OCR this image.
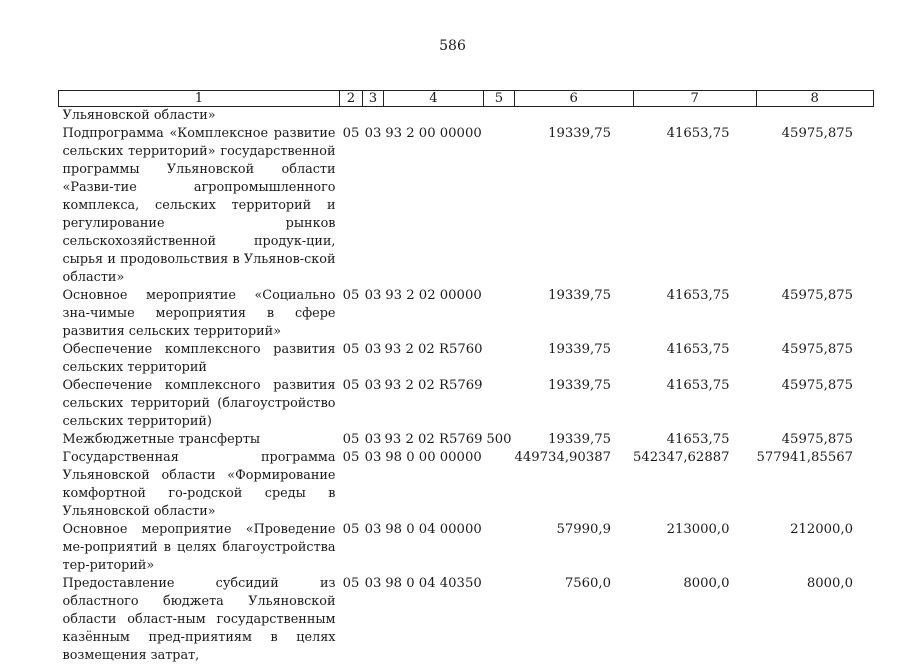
586
1	2	3	4	5	6	7	8
Ульяновской области»							
Подпрограмма «Комплексное развитие сельских территорий» государственной программы Ульяновской области «Разви-тие агропромышленного комплекса, сельских территорий и регулирование рынков сельскохозяйственной продук-ции, сырья и продовольствия в Ульянов-ской области»	05	03	93 2 00 00000		19339,75	41653,75	45975,875
Основное мероприятие «Социально зна-чимые мероприятия в сфере развития сельских территорий»	05	03	93 2 02 00000		19339,75	41653,75	45975,875
Обеспечение комплексного развития сельских территорий	05	03	93 2 02 R5760		19339,75	41653,75	45975,875
Обеспечение комплексного развития сельских территорий (благоустройство сельских территорий)	05	03	93 2 02 R5769		19339,75	41653,75	45975,875
Межбюджетные трансферты	05	03	93 2 02 R5769	500	19339,75	41653,75	45975,875
Государственная программа Ульяновской области «Формирование комфортной го-родской среды в Ульяновской области»	05	03	98 0 00 00000		449734,90387	542347,62887	577941,85567
Основное мероприятие «Проведение ме-роприятий в целях благоустройства тер-риторий»	05	03	98 0 04 00000		57990,9	213000,0	212000,0
Предоставление субсидий из областного бюджета Ульяновской области област-ным государственным казённым пред-приятиям в целях возмещения затрат,	05	03	98 0 04 40350		7560,0	8000,0	8000,0
